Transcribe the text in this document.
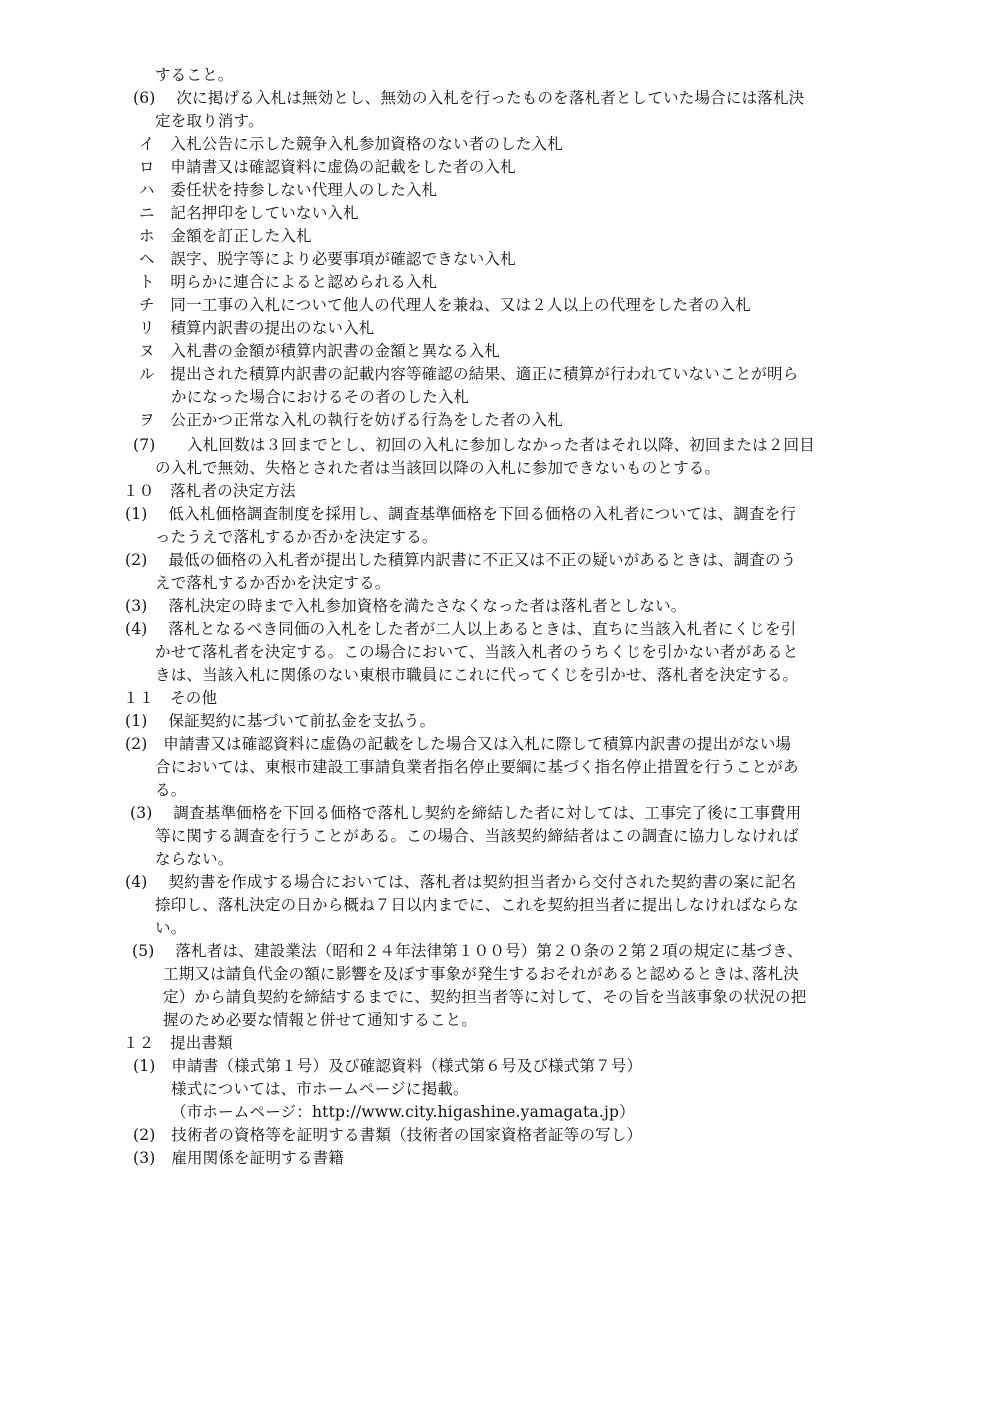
すること。
(6)　 次に掲げる入札は無効とし、無効の入札を行ったものを落札者としていた場合には落札決
定を取り消す。
イ　入札公告に示した競争入札参加資格のない者のした入札
ロ　申請書又は確認資料に虚偽の記載をした者の入札
ハ　委任状を持参しない代理人のした入札
ニ　記名押印をしていない入札
ホ　金額を訂正した入札
ヘ　誤字、脱字等により必要事項が確認できない入札
ト　明らかに連合によると認められる入札
チ　同一工事の入札について他人の代理人を兼ね、又は２人以上の代理をした者の入札
リ　積算内訳書の提出のない入札
ヌ　入札書の金額が積算内訳書の金額と異なる入札
ル　提出された積算内訳書の記載内容等確認の結果、適正に積算が行われていないことが明ら
かになった場合におけるその者のした入札
ヲ　公正かつ正常な入札の執行を妨げる行為をした者の入札
(7)　　入札回数は３回までとし、初回の入札に参加しなかった者はそれ以降、初回または２回目
の入札で無効、失格とされた者は当該回以降の入札に参加できないものとする。
１０　落札者の決定方法
(1)　 低入札価格調査制度を採用し、調査基準価格を下回る価格の入札者については、調査を行
ったうえで落札するか否かを決定する。
(2)　 最低の価格の入札者が提出した積算内訳書に不正又は不正の疑いがあるときは、調査のう
えで落札するか否かを決定する。
(3)　 落札決定の時まで入札参加資格を満たさなくなった者は落札者としない。
(4)　 落札となるべき同価の入札をした者が二人以上あるときは、直ちに当該入札者にくじを引
かせて落札者を決定する。この場合において、当該入札者のうちくじを引かない者があると
きは、当該入札に関係のない東根市職員にこれに代ってくじを引かせ、落札者を決定する。
１１　その他
(1)　 保証契約に基づいて前払金を支払う。
(2)　申請書又は確認資料に虚偽の記載をした場合又は入札に際して積算内訳書の提出がない場
合においては、東根市建設工事請負業者指名停止要綱に基づく指名停止措置を行うことがあ
る。
(3)　 調査基準価格を下回る価格で落札し契約を締結した者に対しては、工事完了後に工事費用
等に関する調査を行うことがある。この場合、当該契約締結者はこの調査に協力しなければ
ならない。
(4)　 契約書を作成する場合においては、落札者は契約担当者から交付された契約書の案に記名
捺印し、落札決定の日から概ね７日以内までに、これを契約担当者に提出しなければならな
い。
(5)　 落札者は、建設業法（昭和２４年法律第１００号）第２０条の２第２項の規定に基づき、
工期又は請負代金の額に影響を及ぼす事象が発生するおそれがあると認めるときは､落札決
定）から請負契約を締結するまでに、契約担当者等に対して、その旨を当該事象の状況の把
握のため必要な情報と併せて通知すること。
１２　提出書類
(1)　申請書（様式第１号）及び確認資料（様式第６号及び様式第７号）
様式については、市ホームページに掲載。
（市ホームページ：http://www.city.higashine.yamagata.jp）
(2)　技術者の資格等を証明する書類（技術者の国家資格者証等の写し）
(3)　雇用関係を証明する書籍
